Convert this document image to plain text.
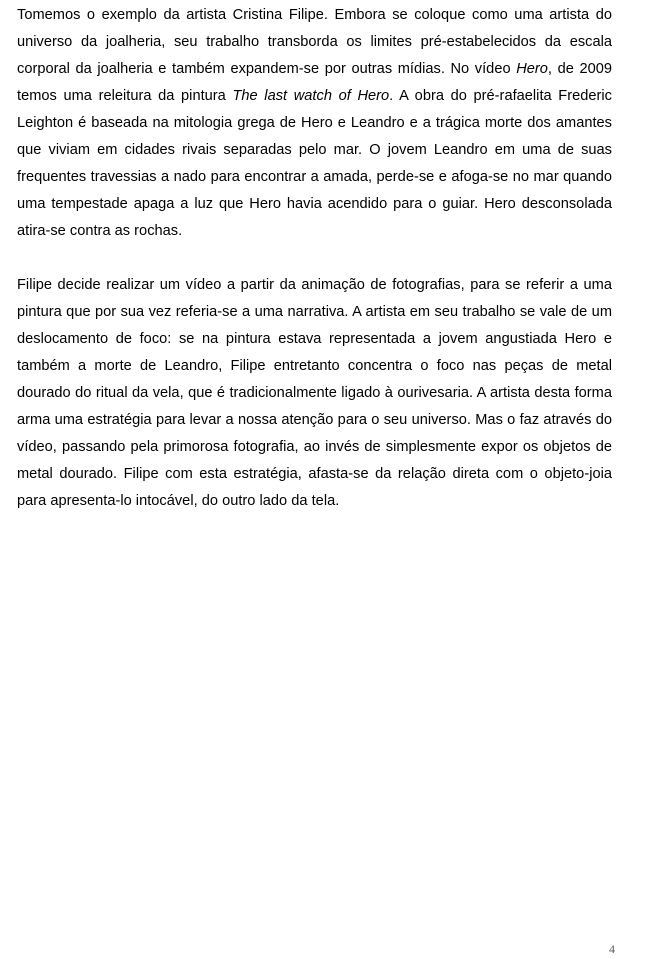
Tomemos o exemplo da artista Cristina Filipe. Embora se coloque como uma artista do universo da joalheria, seu trabalho transborda os limites pré-estabelecidos da escala corporal da joalheria e também expandem-se por outras mídias. No vídeo Hero, de 2009 temos uma releitura da pintura The last watch of Hero. A obra do pré-rafaelita Frederic Leighton é baseada na mitologia grega de Hero e Leandro e a trágica morte dos amantes que viviam em cidades rivais separadas pelo mar. O jovem Leandro em uma de suas frequentes travessias a nado para encontrar a amada, perde-se e afoga-se no mar quando uma tempestade apaga a luz que Hero havia acendido para o guiar. Hero desconsolada atira-se contra as rochas.

Filipe decide realizar um vídeo a partir da animação de fotografias, para se referir a uma pintura que por sua vez referia-se a uma narrativa. A artista em seu trabalho se vale de um deslocamento de foco: se na pintura estava representada a jovem angustiada Hero e também a morte de Leandro, Filipe entretanto concentra o foco nas peças de metal dourado do ritual da vela, que é tradicionalmente ligado à ourivesaria. A artista desta forma arma uma estratégia para levar a nossa atenção para o seu universo. Mas o faz através do vídeo, passando pela primorosa fotografia, ao invés de simplesmente expor os objetos de metal dourado. Filipe com esta estratégia, afasta-se da relação direta com o objeto-joia para apresenta-lo intocável, do outro lado da tela.

4
